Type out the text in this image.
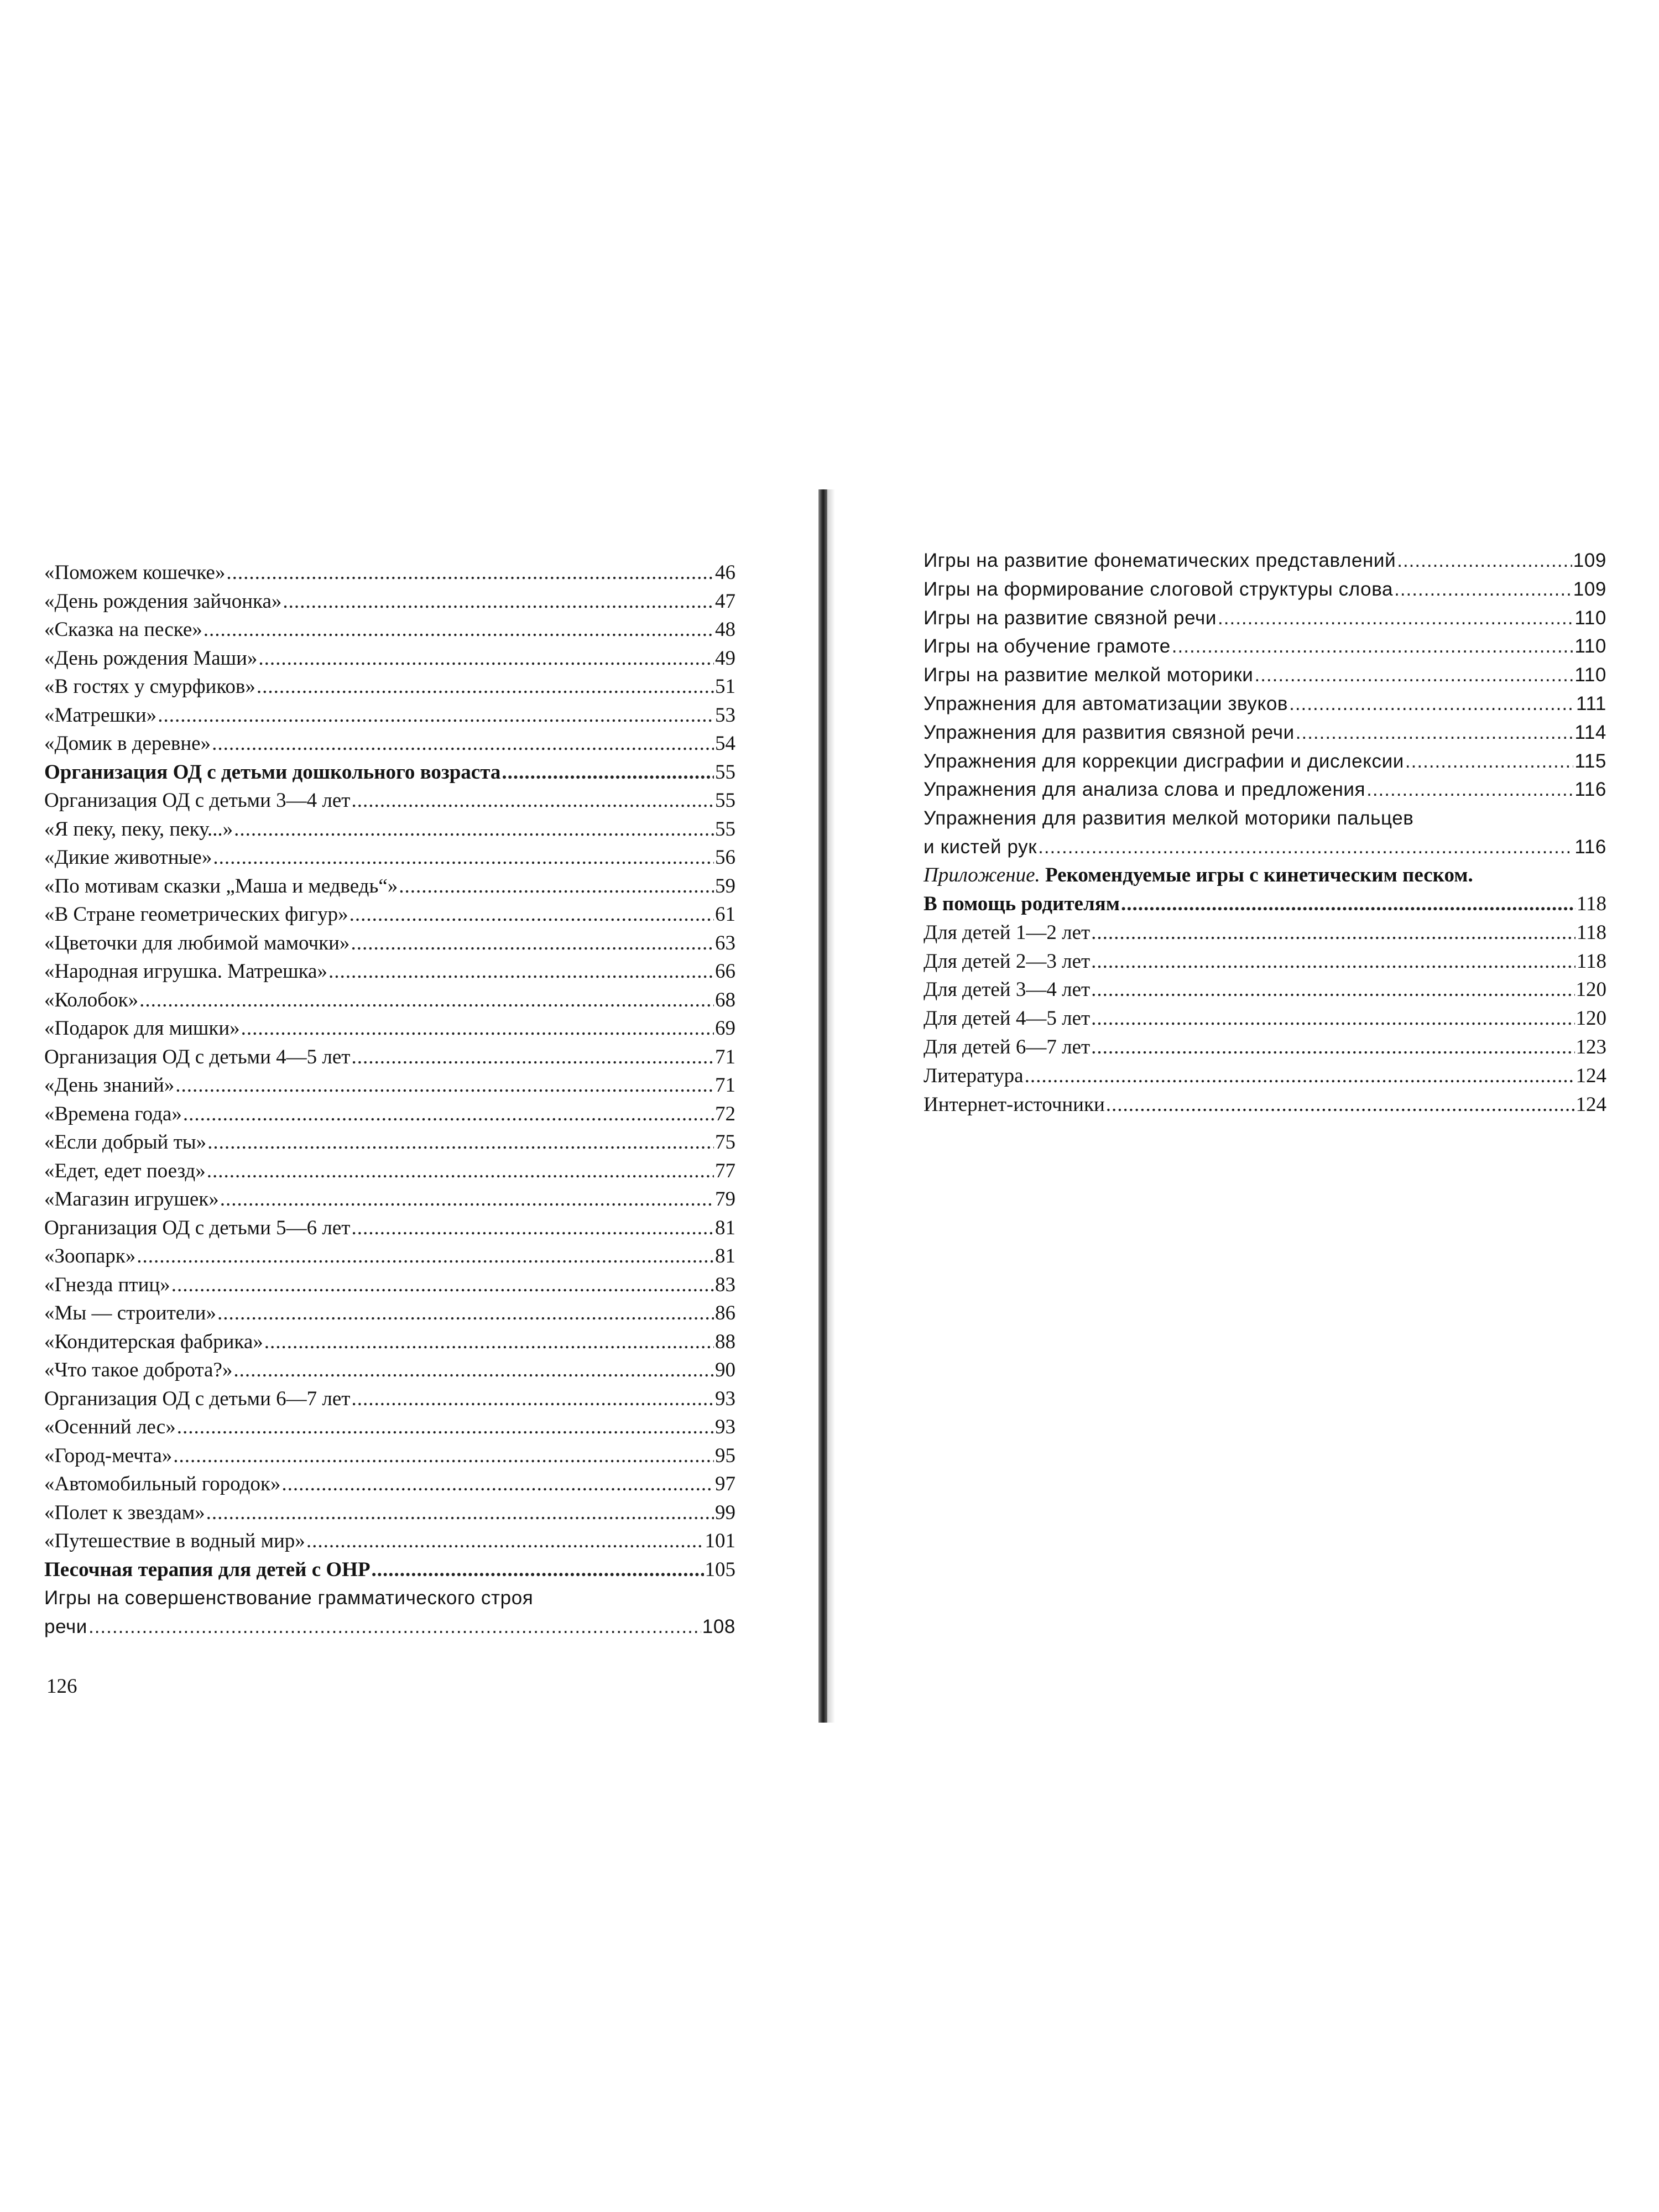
«Поможем кошечке» .....	46
«День рождения зайчонка» .....	47
«Сказка на песке» .....	48
«День рождения Маши» .....	49
«В гостях у смурфиков» .....	51
«Матрешки» .....	53
«Домик в деревне» .....	54
Организация ОД с детьми дошкольного возраста .....	55
Организация ОД с детьми 3—4 лет .....	55
«Я пеку, пеку, пеку...» .....	55
«Дикие животные» .....	56
«По мотивам сказки „Маша и медведь“» .....	59
«В Стране геометрических фигур» .....	61
«Цветочки для любимой мамочки» .....	63
«Народная игрушка. Матрешка» .....	66
«Колобок» .....	68
«Подарок для мишки» .....	69
Организация ОД с детьми 4—5 лет .....	71
«День знаний» .....	71
«Времена года» .....	72
«Если добрый ты» .....	75
«Едет, едет поезд» .....	77
«Магазин игрушек» .....	79
Организация ОД с детьми 5—6 лет .....	81
«Зоопарк» .....	81
«Гнезда птиц» .....	83
«Мы — строители» .....	86
«Кондитерская фабрика» .....	88
«Что такое доброта?» .....	90
Организация ОД с детьми 6—7 лет .....	93
«Осенний лес» .....	93
«Город-мечта» .....	95
«Автомобильный городок» .....	97
«Полет к звездам» .....	99
«Путешествие в водный мир» .....	101
Песочная терапия для детей с ОНР .....	105
Игры на совершенствование грамматического строя
речи .....	108
126
Игры на развитие фонематических представлений .....	109
Игры на формирование слоговой структуры слова .....	109
Игры на развитие связной речи .....	110
Игры на обучение грамоте .....	110
Игры на развитие мелкой моторики .....	110
Упражнения для автоматизации звуков .....	111
Упражнения для развития связной речи .....	114
Упражнения для коррекции дисграфии и дислексии .....	115
Упражнения для анализа слова и предложения .....	116
Упражнения для развития мелкой моторики пальцев
и кистей рук .....	116
Приложение. Рекомендуемые игры с кинетическим песком.
В помощь родителям .....	118
Для детей 1—2 лет .....	118
Для детей 2—3 лет .....	118
Для детей 3—4 лет .....	120
Для детей 4—5 лет .....	120
Для детей 6—7 лет .....	123
Литература .....	124
Интернет-источники .....	124
